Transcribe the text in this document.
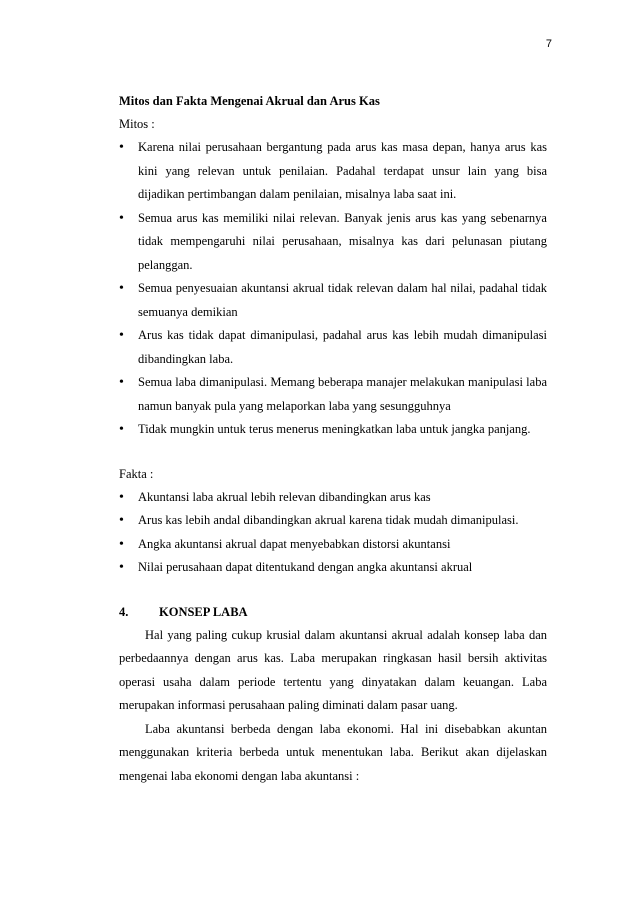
7
Mitos dan Fakta Mengenai Akrual dan Arus Kas
Mitos :
• Karena nilai perusahaan bergantung pada arus kas masa depan, hanya arus kas kini yang relevan untuk penilaian. Padahal terdapat unsur lain yang bisa dijadikan pertimbangan dalam penilaian, misalnya laba saat ini.
• Semua arus kas memiliki nilai relevan. Banyak jenis arus kas yang sebenarnya tidak mempengaruhi nilai perusahaan, misalnya kas dari pelunasan piutang pelanggan.
• Semua penyesuaian akuntansi akrual tidak relevan dalam hal nilai, padahal tidak semuanya demikian
• Arus kas tidak dapat dimanipulasi, padahal arus kas lebih mudah dimanipulasi dibandingkan laba.
• Semua laba dimanipulasi. Memang beberapa manajer melakukan manipulasi laba namun banyak pula yang melaporkan laba yang sesungguhnya
• Tidak mungkin untuk terus menerus meningkatkan laba untuk jangka panjang.
Fakta :
• Akuntansi laba akrual lebih relevan dibandingkan arus kas
• Arus kas lebih andal dibandingkan akrual karena tidak mudah dimanipulasi.
• Angka akuntansi akrual dapat menyebabkan distorsi akuntansi
• Nilai perusahaan dapat ditentukand dengan angka akuntansi akrual
4.	KONSEP LABA

Hal yang paling cukup krusial dalam akuntansi akrual adalah konsep laba dan perbedaannya dengan arus kas. Laba merupakan ringkasan hasil bersih aktivitas operasi usaha dalam periode tertentu yang dinyatakan dalam keuangan. Laba merupakan informasi perusahaan paling diminati dalam pasar uang.

Laba akuntansi berbeda dengan laba ekonomi. Hal ini disebabkan akuntan menggunakan kriteria berbeda untuk menentukan laba. Berikut akan dijelaskan mengenai laba ekonomi dengan laba akuntansi :
